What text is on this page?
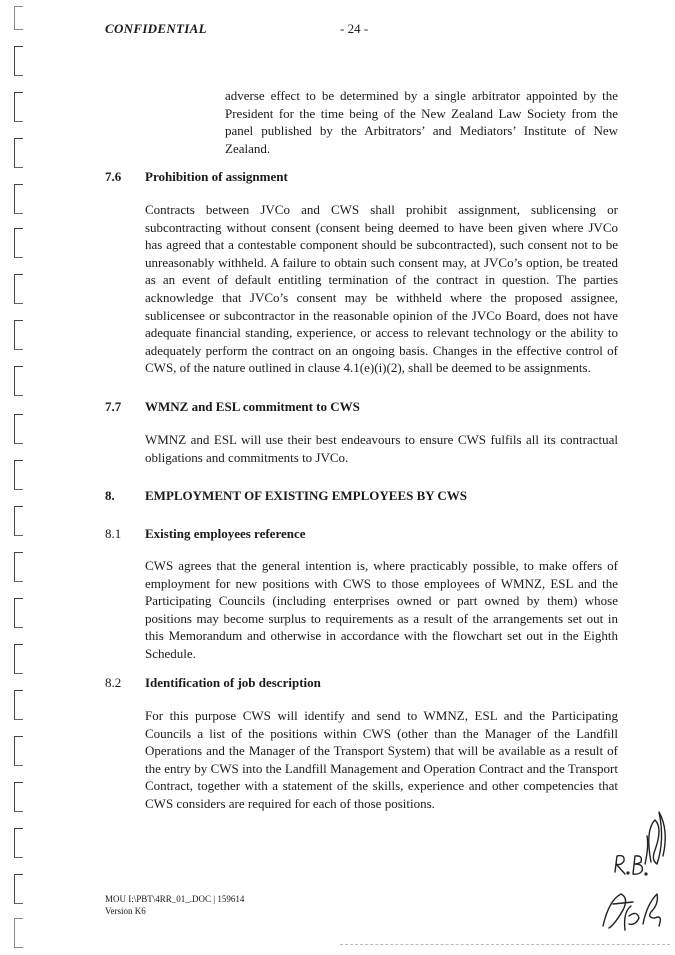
CONFIDENTIAL	- 24 -
adverse effect to be determined by a single arbitrator appointed by the President for the time being of the New Zealand Law Society from the panel published by the Arbitrators’ and Mediators’ Institute of New Zealand.
7.6 Prohibition of assignment
Contracts between JVCo and CWS shall prohibit assignment, sublicensing or subcontracting without consent (consent being deemed to have been given where JVCo has agreed that a contestable component should be subcontracted), such consent not to be unreasonably withheld. A failure to obtain such consent may, at JVCo’s option, be treated as an event of default entitling termination of the contract in question. The parties acknowledge that JVCo’s consent may be withheld where the proposed assignee, sublicensee or subcontractor in the reasonable opinion of the JVCo Board, does not have adequate financial standing, experience, or access to relevant technology or the ability to adequately perform the contract on an ongoing basis. Changes in the effective control of CWS, of the nature outlined in clause 4.1(e)(i)(2), shall be deemed to be assignments.
7.7 WMNZ and ESL commitment to CWS
WMNZ and ESL will use their best endeavours to ensure CWS fulfils all its contractual obligations and commitments to JVCo.
8. EMPLOYMENT OF EXISTING EMPLOYEES BY CWS
8.1 Existing employees reference
CWS agrees that the general intention is, where practicably possible, to make offers of employment for new positions with CWS to those employees of WMNZ, ESL and the Participating Councils (including enterprises owned or part owned by them) whose positions may become surplus to requirements as a result of the arrangements set out in this Memorandum and otherwise in accordance with the flowchart set out in the Eighth Schedule.
8.2 Identification of job description
For this purpose CWS will identify and send to WMNZ, ESL and the Participating Councils a list of the positions within CWS (other than the Manager of the Landfill Operations and the Manager of the Transport System) that will be available as a result of the entry by CWS into the Landfill Management and Operation Contract and the Transport Contract, together with a statement of the skills, experience and other competencies that CWS considers are required for each of those positions.
MOU I:\PBT\4RR_01_.DOC | 159614
Version K6
